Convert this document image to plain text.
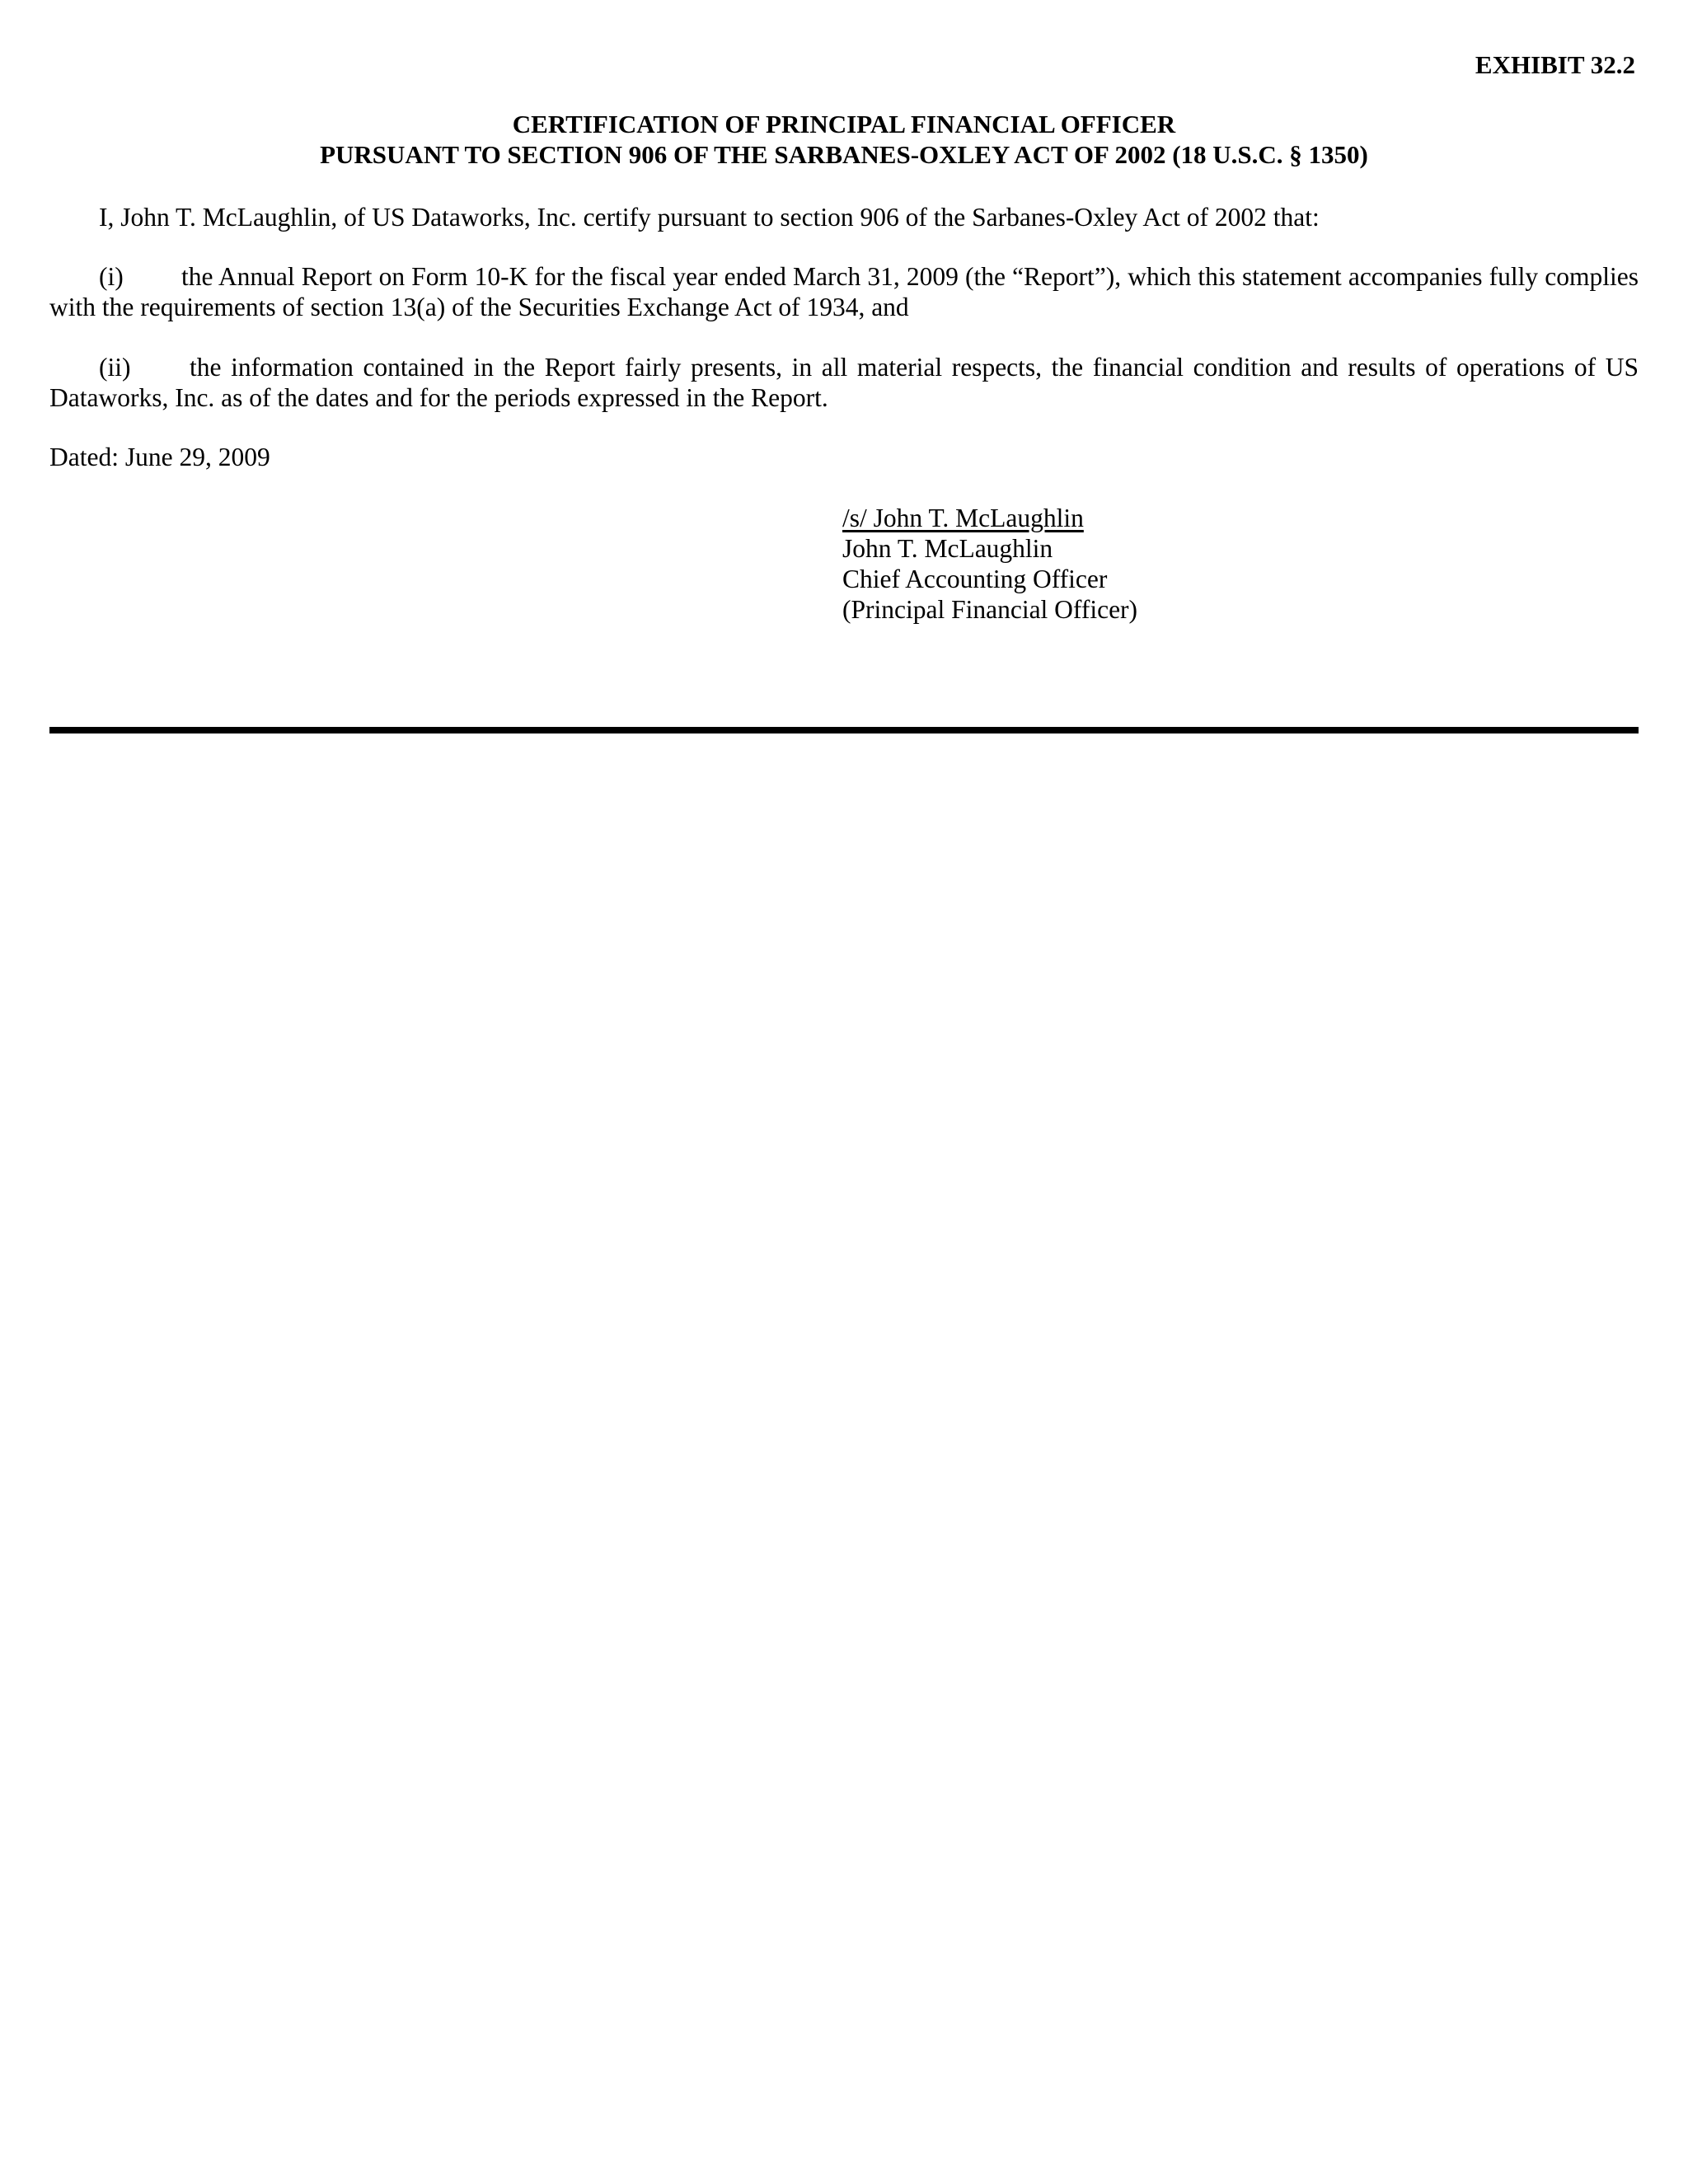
EXHIBIT 32.2
CERTIFICATION OF PRINCIPAL FINANCIAL OFFICER
PURSUANT TO SECTION 906 OF THE SARBANES-OXLEY ACT OF 2002 (18 U.S.C. § 1350)
I, John T. McLaughlin, of US Dataworks, Inc. certify pursuant to section 906 of the Sarbanes-Oxley Act of 2002 that:
(i) the Annual Report on Form 10-K for the fiscal year ended March 31, 2009 (the “Report”), which this statement accompanies fully complies with the requirements of section 13(a) of the Securities Exchange Act of 1934, and
(ii) the information contained in the Report fairly presents, in all material respects, the financial condition and results of operations of US Dataworks, Inc. as of the dates and for the periods expressed in the Report.
Dated: June 29, 2009
/s/ John T. McLaughlin
John T. McLaughlin
Chief Accounting Officer
(Principal Financial Officer)
